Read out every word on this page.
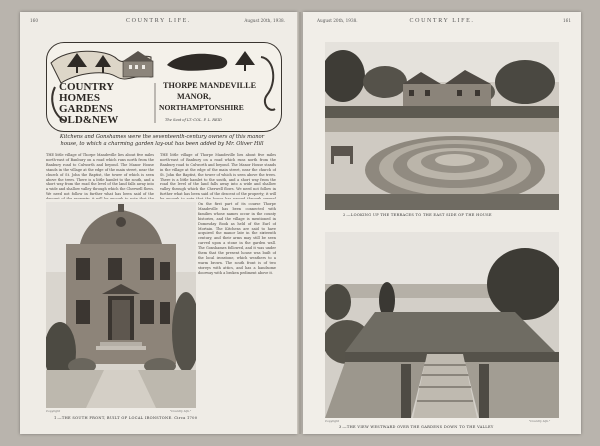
160	COUNTRY LIFE.	August 20th, 1938.
COUNTRY	THORPE MANDEVILLE
HOMES	MANOR,
GARDENS	NORTHAMPTONSHIRE
OLD&NEW	The Seat of LT.-COL. P. L. REID
Kitchens and Gonshames were the seventeenth-century owners of this manor house, to which a charming garden lay-out has been added by Mr. Oliver Hill
THE little village of Thorpe Mandeville lies about five miles north-east of Banbury on a road which runs north from the Banbury road to Culworth and beyond. The Manor House stands in the village at the edge of the main street, near the church of St. John the Baptist, the tower of which is seen above the trees. There is a little hamlet to the south, and a short way from the road the level of the land falls away into a wide and shallow valley through which the Cherwell flows. We need not follow in further what has been said of the
THE little village of Thorpe Mandeville lies about five miles north-east of Banbury on a road which runs north from the Banbury road to Culworth and beyond. The Manor House stands in the village at the edge of the main street, near the church of St. John the Baptist, the tower of which is seen above the trees. There is a little hamlet to the south, and a short way from the road the level of the land falls away into a wide and shallow valley through which the Cherwell flows. We need not follow in further what has been said of the descent of the property; it will
On the first part of its course Thorpe Mandeville has been connected with families whose names occur in the county histories, and the village is mentioned in Domesday Book as held of the Earl of Mortain. The Kitchens are said to have acquired the manor late in the sixteenth century, and their arms may still be seen carved upon a stone in the garden wall. The Gonshames followed, and it was under them that the present house was built of the local ironstone, which weathers to a warm brown. The south front is of two storeys with attics, and has a handsome doorway with a broken pediment above it.
Copyright	"Country Life."
1.—THE SOUTH FRONT, BUILT OF LOCAL IRONSTONE. Circa 1700
August 20th, 1938.	COUNTRY LIFE.	161
2.—LOOKING UP THE TERRACES TO THE EAST SIDE OF THE HOUSE
Copyright	"Country Life."
3.—THE VIEW WESTWARD OVER THE GARDENS DOWN TO THE VALLEY
